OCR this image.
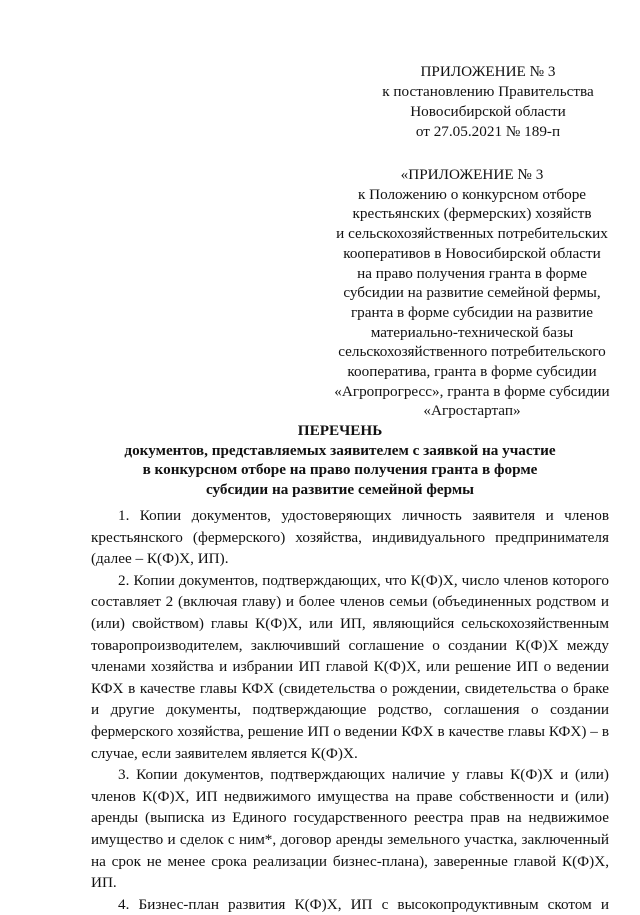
ПРИЛОЖЕНИЕ № 3
к постановлению Правительства
Новосибирской области
от 27.05.2021 № 189-п
«ПРИЛОЖЕНИЕ № 3
к Положению о конкурсном отборе
крестьянских (фермерских) хозяйств
и сельскохозяйственных потребительских
кооперативов в Новосибирской области
на право получения гранта в форме
субсидии на развитие семейной фермы,
гранта в форме субсидии на развитие
материально-технической базы
сельскохозяйственного потребительского
кооператива, гранта в форме субсидии
«Агропрогресс», гранта в форме субсидии
«Агростартап»
ПЕРЕЧЕНЬ
документов, представляемых заявителем с заявкой на участие
в конкурсном отборе на право получения гранта в форме
субсидии на развитие семейной фермы

1. Копии документов, удостоверяющих личность заявителя и членов крестьянского (фермерского) хозяйства, индивидуального предпринимателя (далее – К(Ф)Х, ИП).

2. Копии документов, подтверждающих, что К(Ф)Х, число членов которого составляет 2 (включая главу) и более членов семьи (объединенных родством и (или) свойством) главы К(Ф)Х, или ИП, являющийся сельскохозяйственным товаропроизводителем, заключивший соглашение о создании К(Ф)Х между членами хозяйства и избрании ИП главой К(Ф)Х, или решение ИП о ведении КФХ в качестве главы КФХ (свидетельства о рождении, свидетельства о браке и другие документы, подтверждающие родство, соглашения о создании фермерского хозяйства, решение ИП о ведении КФХ в качестве главы КФХ) – в случае, если заявителем является К(Ф)Х.

3. Копии документов, подтверждающих наличие у главы К(Ф)Х и (или) членов К(Ф)Х, ИП недвижимого имущества на праве собственности и (или) аренды (выписка из Единого государственного реестра прав на недвижимое имущество и сделок с ним*, договор аренды земельного участка, заключенный на срок не менее срока реализации бизнес-плана), заверенные главой К(Ф)Х, ИП.

4. Бизнес-план развития К(Ф)Х, ИП с высокопродуктивным скотом и
